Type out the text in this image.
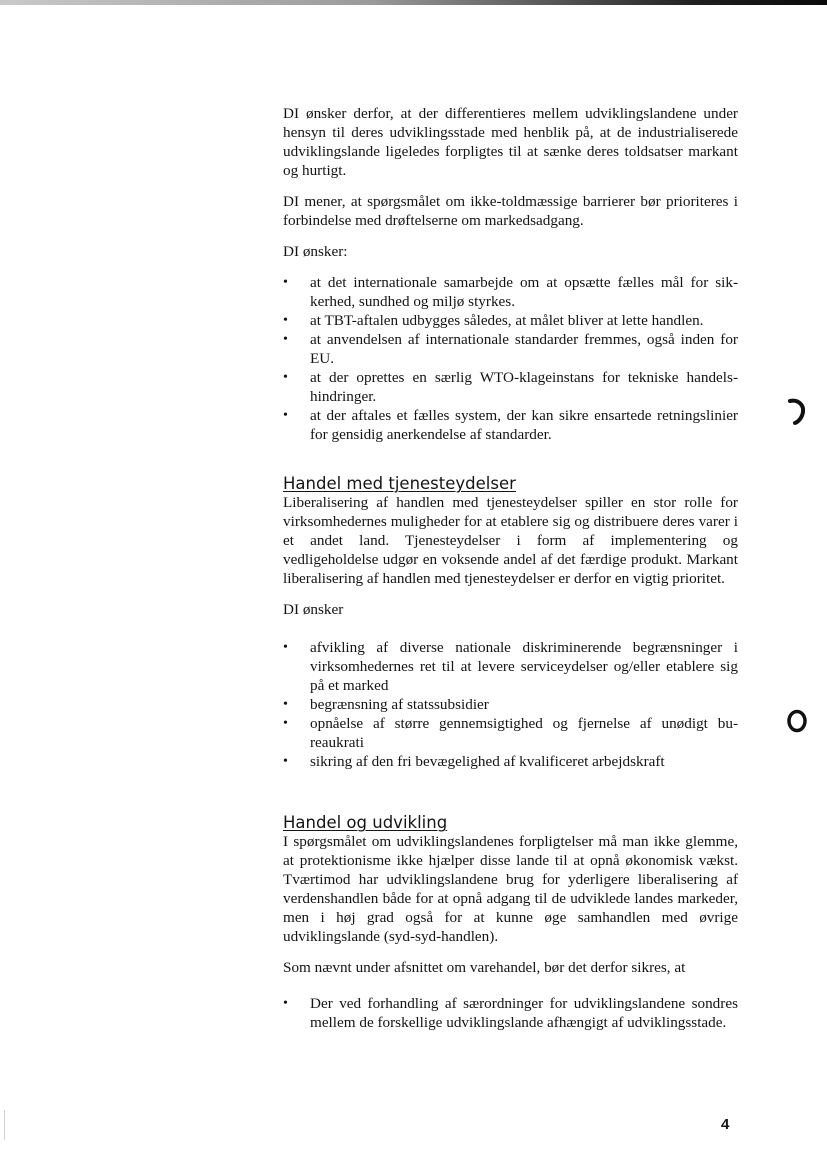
DI ønsker derfor, at der differentieres mellem udviklingslandene under hensyn til deres udviklingsstade med henblik på, at de industrialiserede udviklingslande ligeledes forpligtes til at sænke deres toldsatser markant og hurtigt.

DI mener, at spørgsmålet om ikke-toldmæssige barrierer bør prioriteres i forbindelse med drøftelserne om markedsadgang.

DI ønsker:

•	at det internationale samarbejde om at opsætte fælles mål for sikkerhed, sundhed og miljø styrkes.
•	at TBT-aftalen udbygges således, at målet bliver at lette handlen.
•	at anvendelsen af internationale standarder fremmes, også inden for EU.
•	at der oprettes en særlig WTO-klageinstans for tekniske handelshindringer.
•	at der aftales et fælles system, der kan sikre ensartede retningslinier for gensidig anerkendelse af standarder.
Handel med tjenesteydelser

Liberalisering af handlen med tjenesteydelser spiller en stor rolle for virksomhedernes muligheder for at etablere sig og distribuere deres varer i et andet land. Tjenesteydelser i form af implementering og vedligeholdelse udgør en voksende andel af det færdige produkt. Markant liberalisering af handlen med tjenesteydelser er derfor en vigtig prioritet.

DI ønsker

•	afvikling af diverse nationale diskriminerende begrænsninger i virksomhedernes ret til at levere serviceydelser og/eller etablere sig på et marked
•	begrænsning af statssubsidier
•	opnåelse af større gennemsigtighed og fjernelse af unødigt bureaukrati
•	sikring af den fri bevægelighed af kvalificeret arbejdskraft
Handel og udvikling

I spørgsmålet om udviklingslandenes forpligtelser må man ikke glemme, at protektionisme ikke hjælper disse lande til at opnå økonomisk vækst. Tværtimod har udviklingslandene brug for yderligere liberalisering af verdenshandlen både for at opnå adgang til de udviklede landes markeder, men i høj grad også for at kunne øge samhandlen med øvrige udviklingslande (syd-syd-handlen).

Som nævnt under afsnittet om varehandel, bør det derfor sikres, at

•	Der ved forhandling af særordninger for udviklingslandene sondres mellem de forskellige udviklingslande afhængigt af udviklingsstade.
4
